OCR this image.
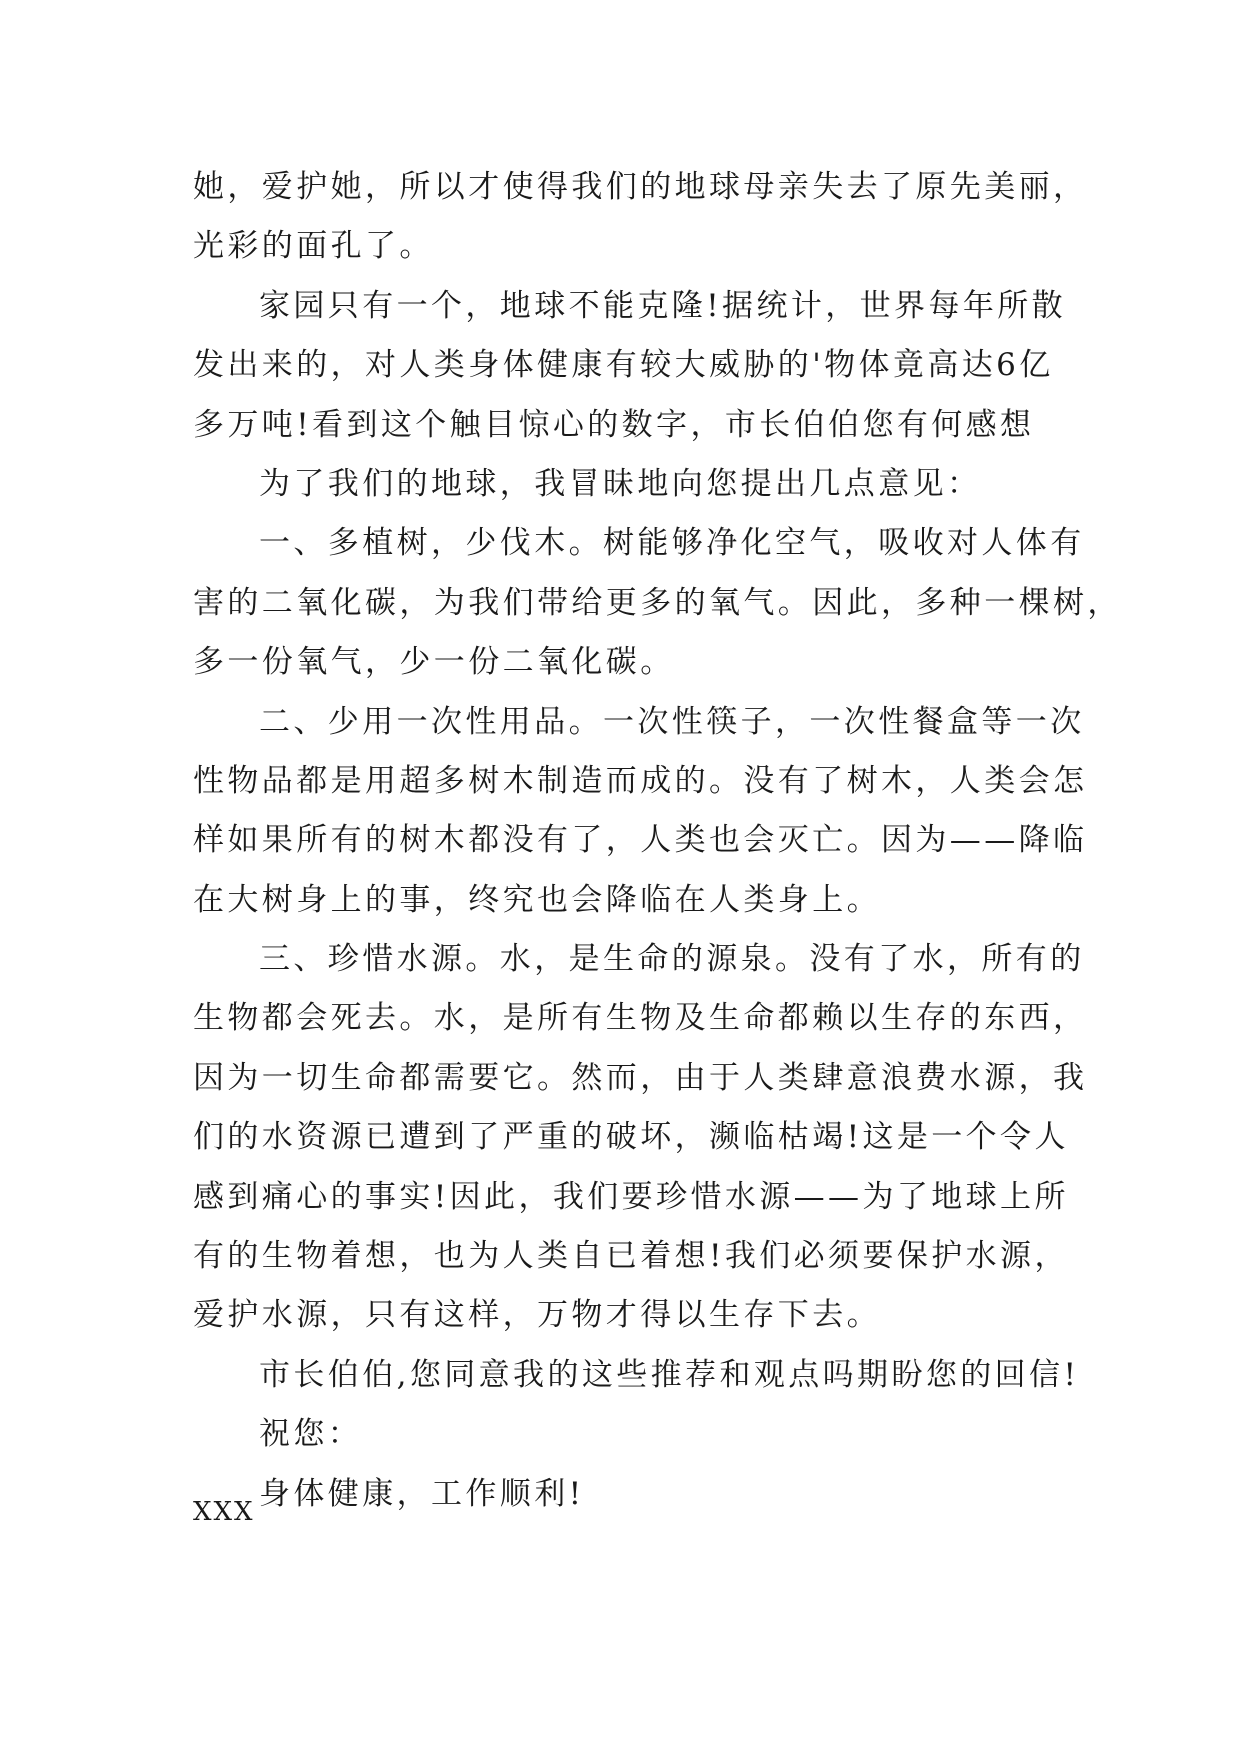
她，爱护她，所以才使得我们的地球母亲失去了原先美丽，
光彩的面孔了。
家园只有一个，地球不能克隆!据统计，世界每年所散
发出来的，对人类身体健康有较大威胁的'物体竟高达6亿
多万吨!看到这个触目惊心的数字，市长伯伯您有何感想
为了我们的地球，我冒昧地向您提出几点意见：
一、多植树，少伐木。树能够净化空气，吸收对人体有
害的二氧化碳，为我们带给更多的氧气。因此，多种一棵树，
多一份氧气，少一份二氧化碳。
二、少用一次性用品。一次性筷子，一次性餐盒等一次
性物品都是用超多树木制造而成的。没有了树木，人类会怎
样如果所有的树木都没有了，人类也会灭亡。因为——降临
在大树身上的事，终究也会降临在人类身上。
三、珍惜水源。水，是生命的源泉。没有了水，所有的
生物都会死去。水，是所有生物及生命都赖以生存的东西，
因为一切生命都需要它。然而，由于人类肆意浪费水源，我
们的水资源已遭到了严重的破坏，濒临枯竭!这是一个令人
感到痛心的事实!因此，我们要珍惜水源——为了地球上所
有的生物着想，也为人类自已着想!我们必须要保护水源，
爱护水源，只有这样，万物才得以生存下去。
市长伯伯,您同意我的这些推荐和观点吗期盼您的回信!
祝您：
身体健康，工作顺利!
XXX
